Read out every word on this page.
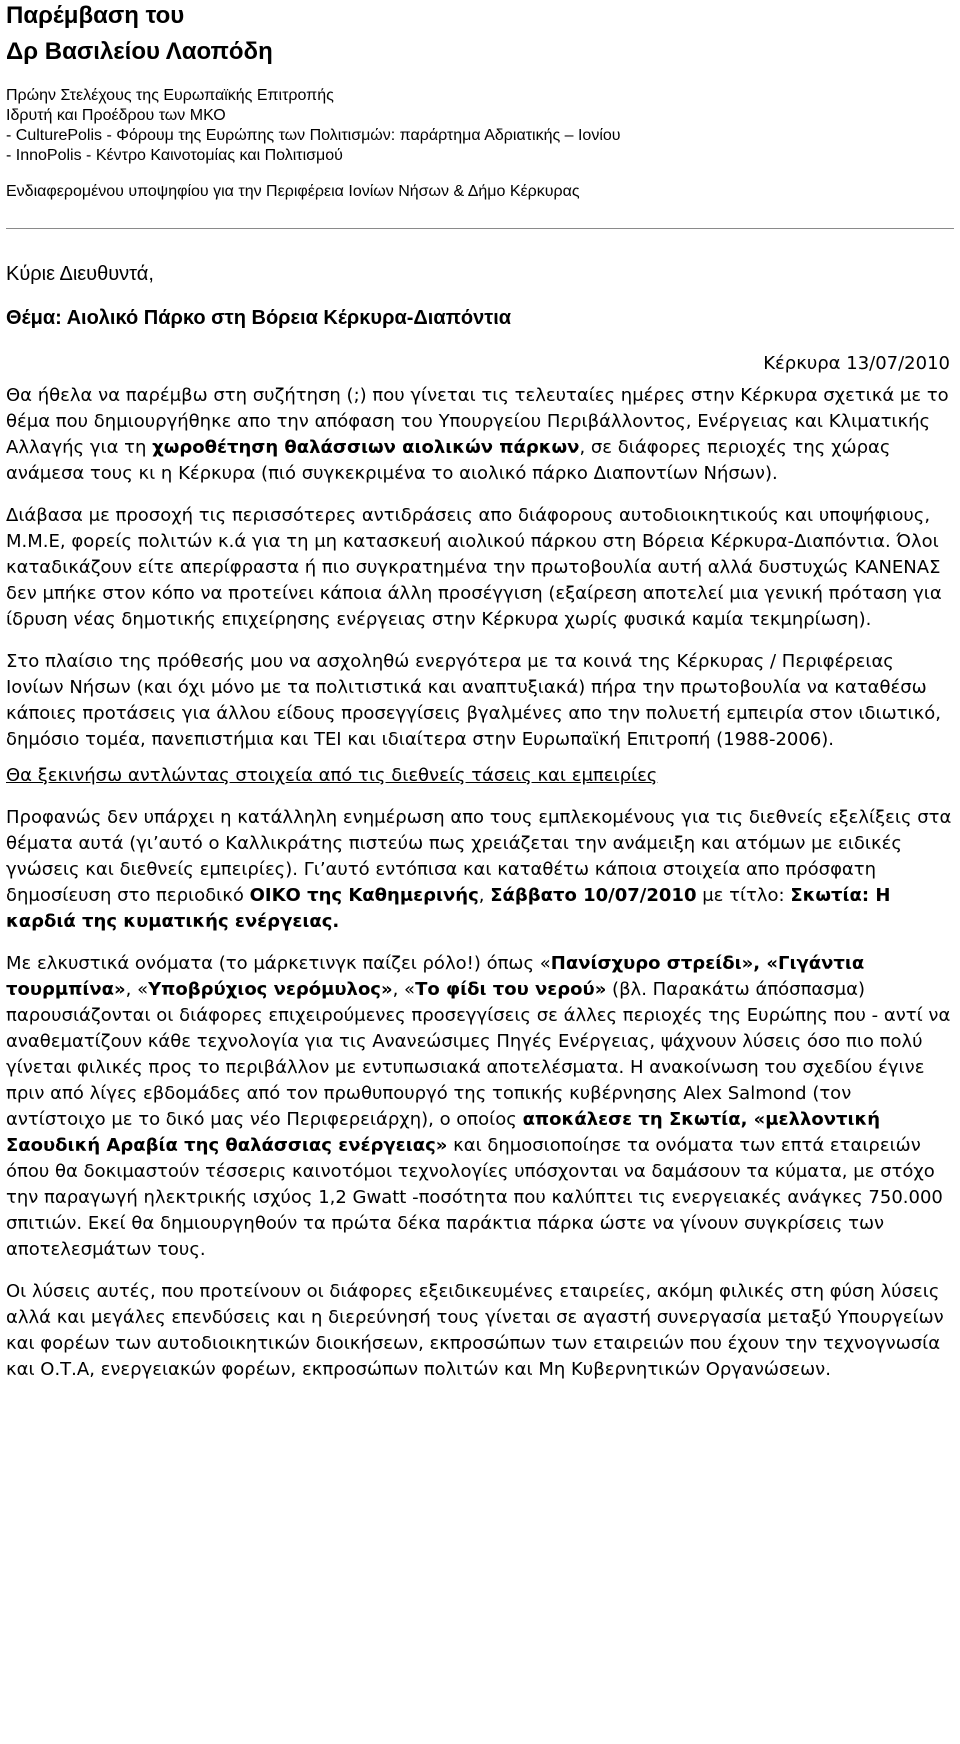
Παρέμβαση του
Δρ Βασιλείου Λαοπόδη
Πρώην Στελέχους της Ευρωπαϊκής Επιτροπής
Ιδρυτή και Προέδρου των ΜΚΟ
- CulturePolis - Φόρουμ της Ευρώπης των Πολιτισμών: παράρτημα Αδριατικής – Ιονίου
- InnoPolis - Κέντρο Καινοτομίας και Πολιτισμού
Ενδιαφερομένου υποψηφίου για την Περιφέρεια Ιονίων Νήσων & Δήμο Κέρκυρας
Κύριε Διευθυντά,
Θέμα: Αιολικό Πάρκο στη Βόρεια Κέρκυρα-Διαπόντια
Κέρκυρα 13/07/2010

Θα ήθελα να παρέμβω στη συζήτηση (;) που γίνεται τις τελευταίες ημέρες στην Κέρκυρα σχετικά με το θέμα που δημιουργήθηκε απο την απόφαση του Υπουργείου Περιβάλλοντος, Ενέργειας και Κλιματικής Αλλαγής για τη χωροθέτηση θαλάσσιων αιολικών πάρκων, σε διάφορες περιοχές της χώρας ανάμεσα τους κι η Κέρκυρα (πιό συγκεκριμένα το αιολικό πάρκο Διαποντίων Νήσων).

Διάβασα με προσοχή τις περισσότερες αντιδράσεις απο διάφορους αυτοδιοικητικούς και υποψήφιους, Μ.Μ.Ε, φορείς πολιτών κ.ά για τη μη κατασκευή αιολικού πάρκου στη Βόρεια Κέρκυρα-Διαπόντια. Όλοι καταδικάζουν είτε απερίφραστα ή πιο συγκρατημένα την πρωτοβουλία αυτή αλλά δυστυχώς ΚΑΝΕΝΑΣ δεν μπήκε στον κόπο να προτείνει κάποια άλλη προσέγγιση (εξαίρεση αποτελεί μια γενική πρόταση για ίδρυση νέας δημοτικής επιχείρησης ενέργειας στην Κέρκυρα χωρίς φυσικά καμία τεκμηρίωση).

Στο πλαίσιο της πρόθεσής μου να ασχοληθώ ενεργότερα με τα κοινά της Κέρκυρας / Περιφέρειας Ιονίων Νήσων (και όχι μόνο με τα πολιτιστικά και αναπτυξιακά) πήρα την πρωτοβουλία να καταθέσω κάποιες προτάσεις για άλλου είδους προσεγγίσεις βγαλμένες απο την πολυετή εμπειρία στον ιδιωτικό, δημόσιο τομέα, πανεπιστήμια και ΤΕΙ και ιδιαίτερα στην Ευρωπαϊκή Επιτροπή (1988-2006).

Θα ξεκινήσω αντλώντας στοιχεία από τις διεθνείς τάσεις και εμπειρίες

Προφανώς δεν υπάρχει η κατάλληλη ενημέρωση απο τους εμπλεκομένους για τις διεθνείς εξελίξεις στα θέματα αυτά (γι’αυτό ο Καλλικράτης πιστεύω πως χρειάζεται την ανάμειξη και ατόμων με ειδικές γνώσεις και διεθνείς εμπειρίες). Γι’αυτό εντόπισα και καταθέτω κάποια στοιχεία απο πρόσφατη δημοσίευση στο περιοδικό ΟΙΚΟ της Καθημερινής, Σάββατο 10/07/2010 με τίτλο: Σκωτία: Η καρδιά της κυματικής ενέργειας.

Με ελκυστικά ονόματα (το μάρκετινγκ παίζει ρόλο!) όπως «Πανίσχυρο στρείδι», «Γιγάντια τουρμπίνα», «Υποβρύχιος νερόμυλος», «Το φίδι του νερού» (βλ. Παρακάτω άπόσπασμα) παρουσιάζονται οι διάφορες επιχειρούμενες προσεγγίσεις σε άλλες περιοχές της Ευρώπης που - αντί να αναθεματίζουν κάθε τεχνολογία για τις Ανανεώσιμες Πηγές Ενέργειας, ψάχνουν λύσεις όσο πιο πολύ γίνεται φιλικές προς το περιβάλλον με εντυπωσιακά αποτελέσματα. Η ανακοίνωση του σχεδίου έγινε πριν από λίγες εβδομάδες από τον πρωθυπουργό της τοπικής κυβέρνησης Alex Salmond (τον αντίστοιχο με το δικό μας νέο Περιφερειάρχη), ο οποίος αποκάλεσε τη Σκωτία, «μελλοντική Σαουδική Αραβία της θαλάσσιας ενέργειας» και δημοσιοποίησε τα ονόματα των επτά εταιρειών όπου θα δοκιμαστούν τέσσερις καινοτόμοι τεχνολογίες υπόσχονται να δαμάσουν τα κύματα, με στόχο την παραγωγή ηλεκτρικής ισχύος 1,2 Gwatt -ποσότητα που καλύπτει τις ενεργειακές ανάγκες 750.000 σπιτιών. Εκεί θα δημιουργηθούν τα πρώτα δέκα παράκτια πάρκα ώστε να γίνουν συγκρίσεις των αποτελεσμάτων τους.

Οι λύσεις αυτές, που προτείνουν οι διάφορες εξειδικευμένες εταιρείες, ακόμη φιλικές στη φύση λύσεις αλλά και μεγάλες επενδύσεις και η διερεύνησή τους γίνεται σε αγαστή συνεργασία μεταξύ Υπουργείων και φορέων των αυτοδιοικητικών διοικήσεων, εκπροσώπων των εταιρειών που έχουν την τεχνογνωσία και Ο.Τ.Α, ενεργειακών φορέων, εκπροσώπων πολιτών και Μη Κυβερνητικών Οργανώσεων.
